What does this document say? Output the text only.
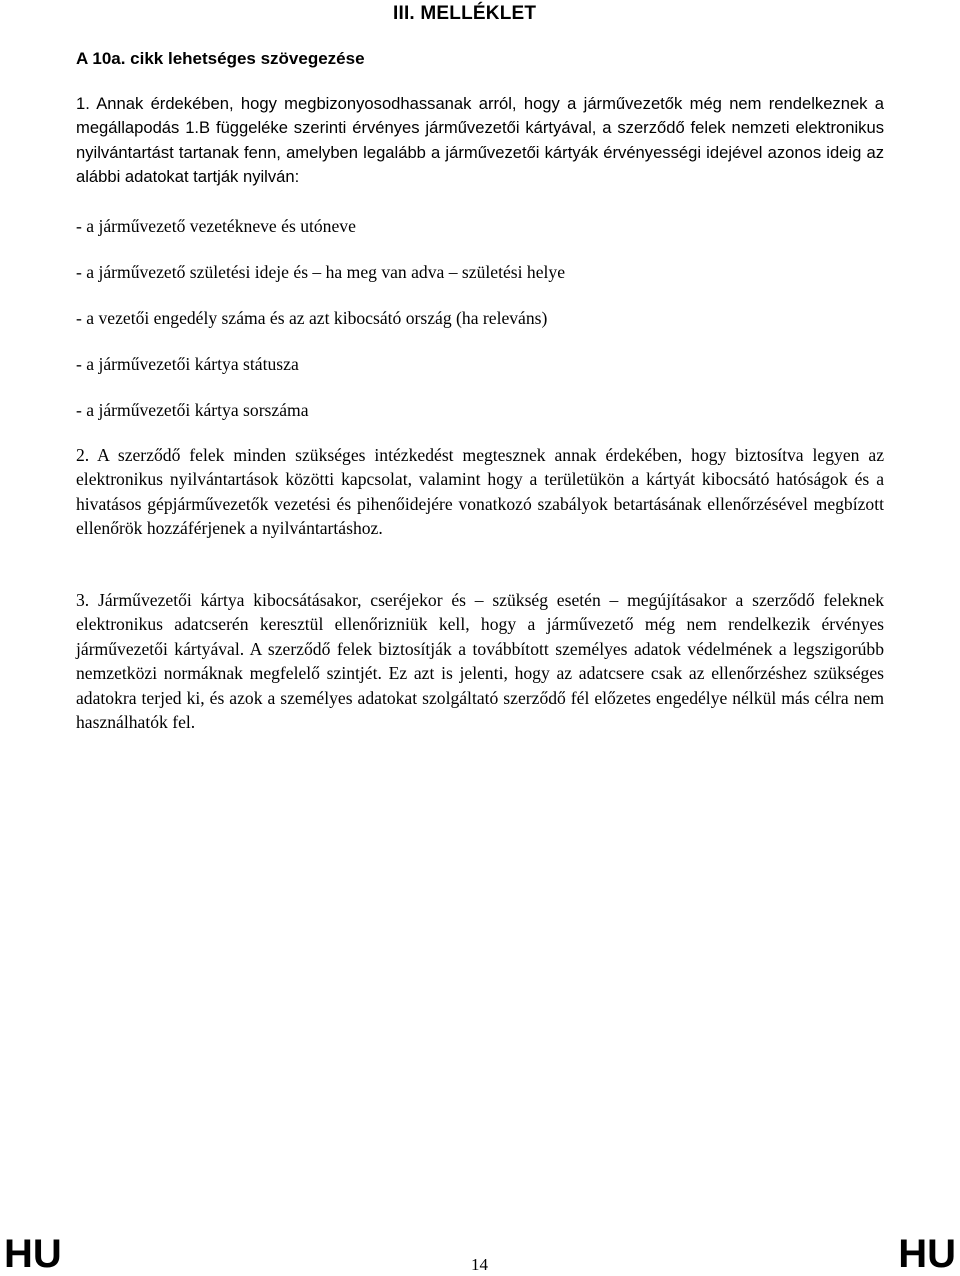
III. MELLÉKLET

A 10a. cikk lehetséges szövegezése

1. Annak érdekében, hogy megbizonyosodhassanak arról, hogy a járművezetők még nem rendelkeznek a megállapodás 1.B függeléke szerinti érvényes járművezetői kártyával, a szerződő felek nemzeti elektronikus nyilvántartást tartanak fenn, amelyben legalább a járművezetői kártyák érvényességi idejével azonos ideig az alábbi adatokat tartják nyilván:

- a járművezető vezetékneve és utóneve

- a járművezető születési ideje és – ha meg van adva – születési helye

- a vezetői engedély száma és az azt kibocsátó ország (ha releváns)

- a járművezetői kártya státusza

- a járművezetői kártya sorszáma

2. A szerződő felek minden szükséges intézkedést megtesznek annak érdekében, hogy biztosítva legyen az elektronikus nyilvántartások közötti kapcsolat, valamint hogy a területükön a kártyát kibocsátó hatóságok és a hivatásos gépjárművezetők vezetési és pihenőidejére vonatkozó szabályok betartásának ellenőrzésével megbízott ellenőrök hozzáférjenek a nyilvántartáshoz.

3. Járművezetői kártya kibocsátásakor, cseréjekor és – szükség esetén – megújításakor a szerződő feleknek elektronikus adatcserén keresztül ellenőrizniük kell, hogy a járművezető még nem rendelkezik érvényes járművezetői kártyával. A szerződő felek biztosítják a továbbított személyes adatok védelmének a legszigorúbb nemzetközi normáknak megfelelő szintjét. Ez azt is jelenti, hogy az adatcsere csak az ellenőrzéshez szükséges adatokra terjed ki, és azok a személyes adatokat szolgáltató szerződő fél előzetes engedélye nélkül más célra nem használhatók fel.

HU	14	HU
